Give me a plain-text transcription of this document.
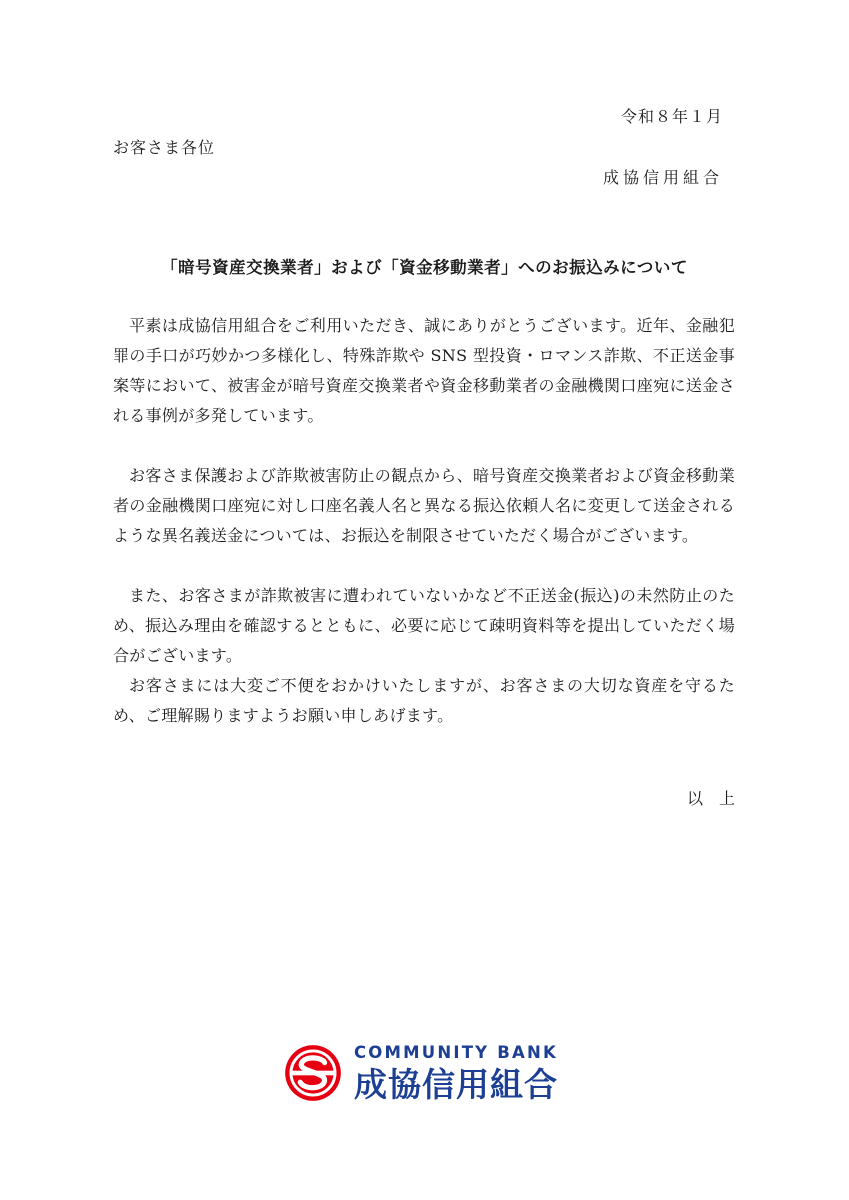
令和８年１月
お客さま各位
成協信用組合
「暗号資産交換業者」および「資金移動業者」へのお振込みについて

平素は成協信用組合をご利用いただき、誠にありがとうございます。近年、金融犯罪の手口が巧妙かつ多様化し、特殊詐欺や SNS 型投資・ロマンス詐欺、不正送金事案等において、被害金が暗号資産交換業者や資金移動業者の金融機関口座宛に送金される事例が多発しています。

お客さま保護および詐欺被害防止の観点から、暗号資産交換業者および資金移動業者の金融機関口座宛に対し口座名義人名と異なる振込依頼人名に変更して送金されるような異名義送金については、お振込を制限させていただく場合がございます。

また、お客さまが詐欺被害に遭われていないかなど不正送金(振込)の未然防止のため、振込み理由を確認するとともに、必要に応じて疎明資料等を提出していただく場合がございます。

お客さまには大変ご不便をおかけいたしますが、お客さまの大切な資産を守るため、ご理解賜りますようお願い申しあげます。

以　上
COMMUNITY BANK
成協信用組合
